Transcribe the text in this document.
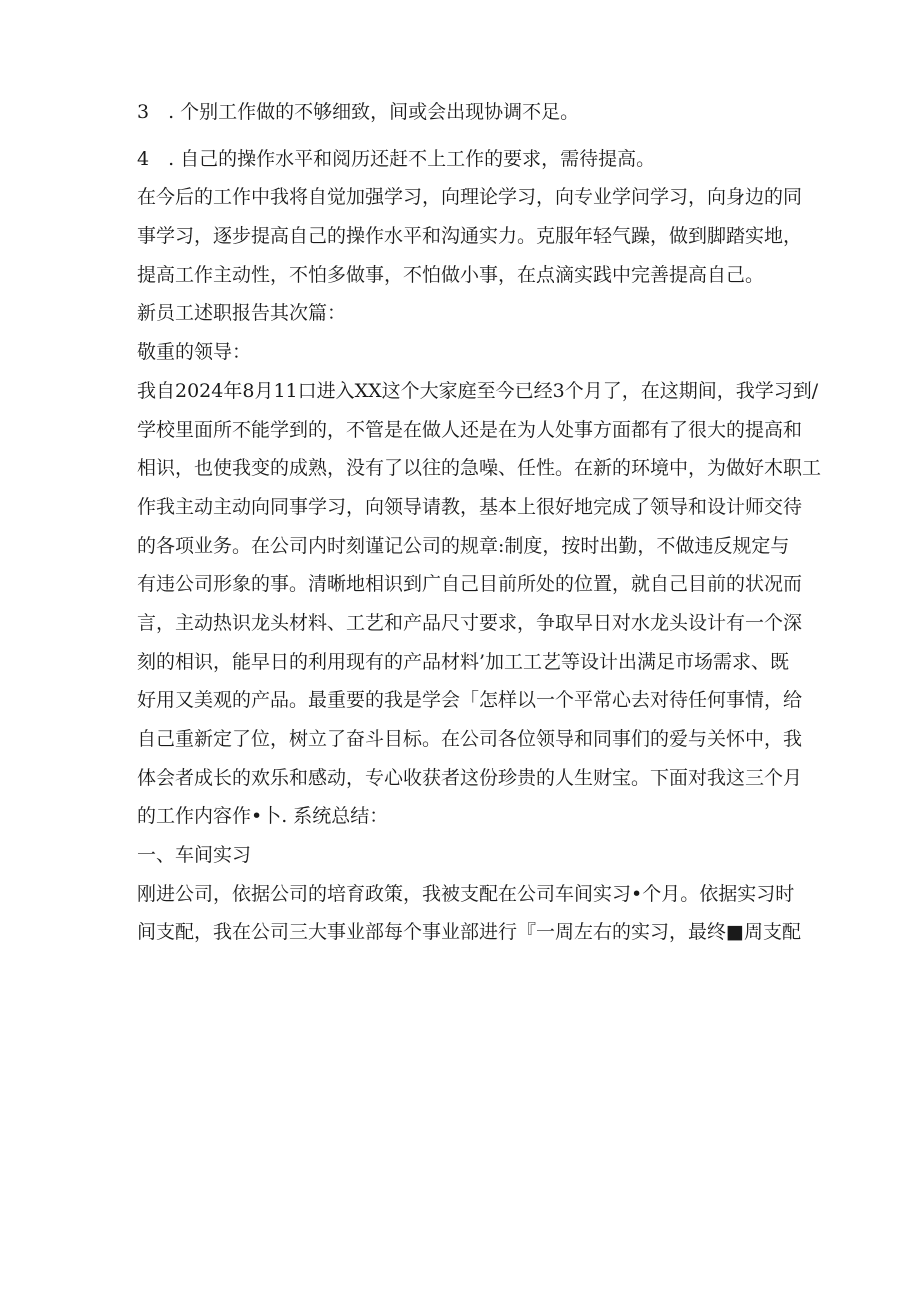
3　. 个别工作做的不够细致，间或会出现协调不足。
4　. 自己的操作水平和阅历还赶不上工作的要求，需待提高。
在今后的工作中我将自觉加强学习，向理论学习，向专业学问学习，向身边的同
事学习，逐步提高自己的操作水平和沟通实力。克服年轻气躁，做到脚踏实地，
提高工作主动性，不怕多做事，不怕做小事，在点滴实践中完善提高自己。
新员工述职报告其次篇：
敬重的领导：
我自2024年8月11口进入XX这个大家庭至今已经3个月了，在这期间，我学习到/
学校里面所不能学到的，不管是在做人还是在为人处事方面都有了很大的提高和
相识，也使我变的成熟，没有了以往的急噪、任性。在新的环境中，为做好木职工
作我主动主动向同事学习，向领导请教，基本上很好地完成了领导和设计师交待
的各项业务。在公司内时刻谨记公司的规章:制度，按时出勤，不做违反规定与
有违公司形象的事。清晰地相识到广自己目前所处的位置，就自己目前的状况而
言，主动热识龙头材料、工艺和产品尺寸要求，争取早日对水龙头设计有一个深
刻的相识，能早日的利用现有的产品材料’加工工艺等设计出满足市场需求、既
好用又美观的产品。最重要的我是学会「怎样以一个平常心去对待任何事情，给
自己重新定了位，树立了奋斗目标。在公司各位领导和同事们的爱与关怀中，我
体会者成长的欢乐和感动，专心收获者这份珍贵的人生财宝。下面对我这三个月
的工作内容作•卜. 系统总结：
一、车间实习
刚进公司，依据公司的培育政策，我被支配在公司车间实习•个月。依据实习时
间支配，我在公司三大事业部每个事业部进行『一周左右的实习，最终■周支配
